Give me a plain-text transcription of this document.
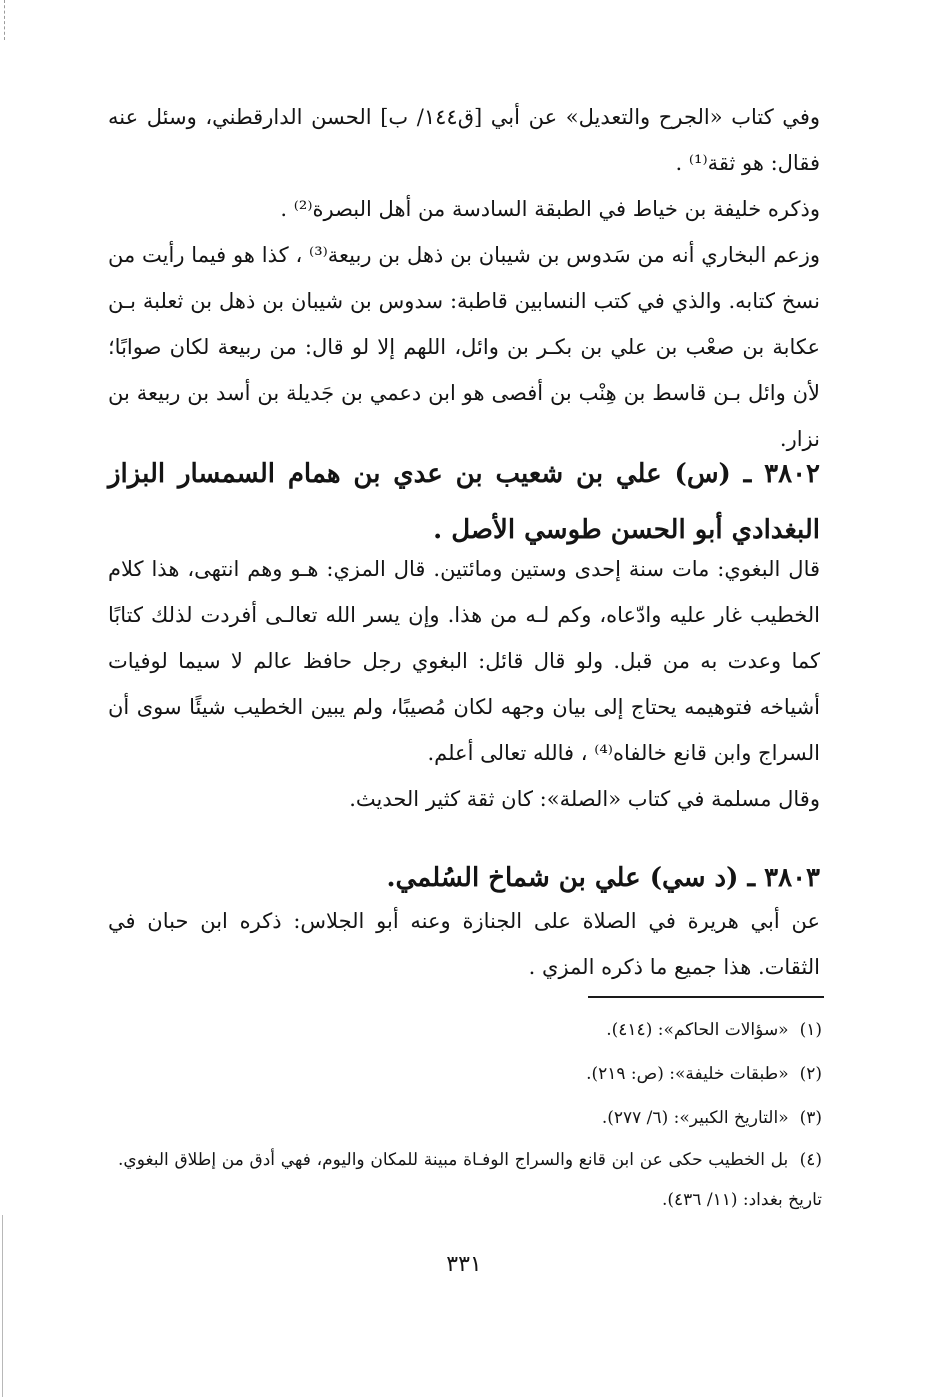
وفي كتاب «الجرح والتعديل» عن أبي [ق١٤٤/ ب] الحسن الدارقطني، وسئل عنه فقال: هو ثقة⁽¹⁾ .

وذكره خليفة بن خياط في الطبقة السادسة من أهل البصرة⁽²⁾ .

وزعم البخاري أنه من سَدوس بن شيبان بن ذهل بن ربيعة⁽³⁾ ، كذا هو فيما رأيت من نسخ كتابه. والذي في كتب النسابين قاطبة: سدوس بن شيبان بن ذهل بن ثعلبة بـن عكابة بن صعْب بن علي بن بكـر بن وائل، اللهم إلا لو قال: من ربيعة لكان صوابًا؛ لأن وائل بـن قاسط بن هِنْب بن أفصى هو ابن دعمي بن جَديلة بن أسد بن ربيعة بن نزار.

٣٨٠٢ ـ (س) علي بن شعيب بن عدي بن همام السمسار البزاز البغدادي أبو الحسن طوسي الأصل .

قال البغوي: مات سنة إحدى وستين ومائتين. قال المزي: هـو وهم انتهى، هذا كلام الخطيب غار عليه وادّعاه، وكم لـه من هذا. وإن يسر الله تعالـى أفردت لذلك كتابًا كما وعدت به من قبل. ولو قال قائل: البغوي رجل حافظ عالم لا سيما لوفيات أشياخه فتوهيمه يحتاج إلى بيان وجهه لكان مُصيبًا، ولم يبين الخطيب شيئًا سوى أن السراج وابن قانع خالفاه⁽⁴⁾ ، فالله تعالى أعلم.

وقال مسلمة في كتاب «الصلة»: كان ثقة كثير الحديث.

٣٨٠٣ ـ (د سي) علي بن شماخ السُلمي.

عن أبي هريرة في الصلاة على الجنازة وعنه أبو الجلاس: ذكره ابن حبان في الثقات. هذا جميع ما ذكره المزي .

(١) «سؤالات الحاكم»: (٤١٤).

(٢) «طبقات خليفة»: (ص: ٢١٩).

(٣) «التاريخ الكبير»: (٦/ ٢٧٧).

(٤) بل الخطيب حكى عن ابن قانع والسراج الوفـاة مبينة للمكان واليوم، فهي أدق من إطلاق البغوي. تاريخ بغداد: (١١/ ٤٣٦).

٣٣١
